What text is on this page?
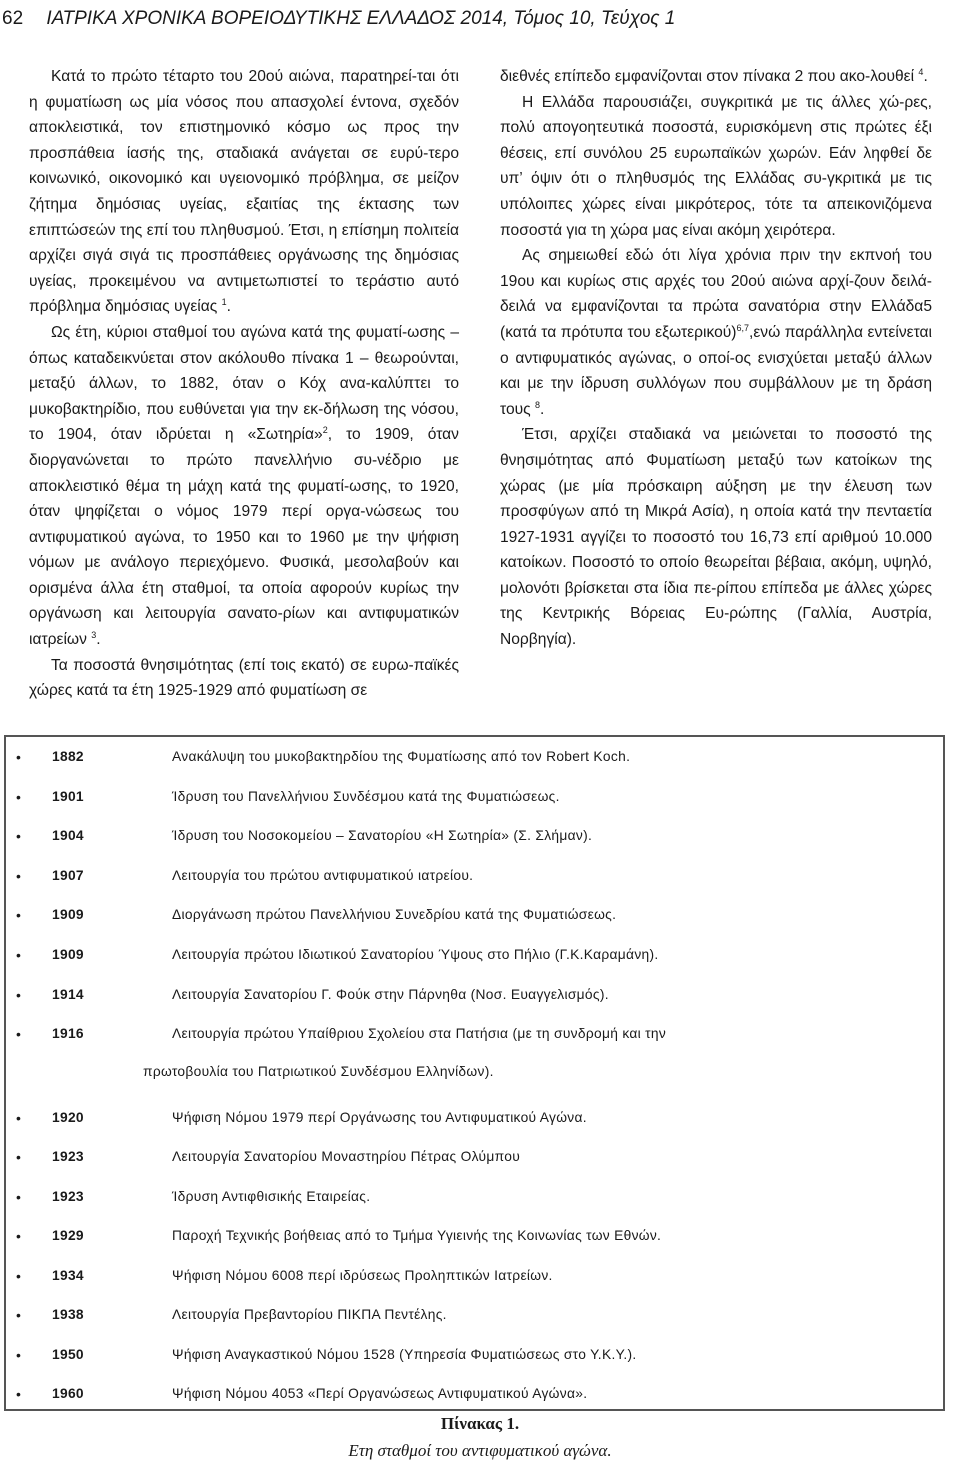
62 ΙΑΤΡΙΚΑ ΧΡΟΝΙΚΑ ΒΟΡΕΙΟΔΥΤΙΚΗΣ ΕΛΛΑΔΟΣ 2014, Τόμος 10, Τεύχος 1

Κατά το πρώτο τέταρτο του 20ού αιώνα, παρατηρεί-ται ότι η φυματίωση ως μία νόσος που απασχολεί έντονα, σχεδόν αποκλειστικά, τον επιστημονικό κόσμο ως προς την προσπάθεια ίασής της, σταδιακά ανάγεται σε ευρύ-τερο κοινωνικό, οικονομικό και υγειονομικό πρόβλημα, σε μείζον ζήτημα δημόσιας υγείας, εξαιτίας της έκτασης των επιπτώσεών της επί του πληθυσμού. Έτσι, η επίσημη πολιτεία αρχίζει σιγά σιγά τις προσπάθειες οργάνωσης της δημόσιας υγείας, προκειμένου να αντιμετωπιστεί το τεράστιο αυτό πρόβλημα δημόσιας υγείας $^1$.

Ως έτη, κύριοι σταθμοί του αγώνα κατά της φυματί-ωσης – όπως καταδεικνύεται στον ακόλουθο πίνακα 1 – θεωρούνται, μεταξύ άλλων, το 1882, όταν ο Κόχ ανα-καλύπτει το μυκοβακτηρίδιο, που ευθύνεται για την εκ-δήλωση της νόσου, το 1904, όταν ιδρύεται η «Σωτηρία»$^2$, το 1909, όταν διοργανώνεται το πρώτο πανελλήνιο συ-νέδριο με αποκλειστικό θέμα τη μάχη κατά της φυματί-ωσης, το 1920, όταν ψηφίζεται ο νόμος 1979 περί οργα-νώσεως του αντιφυματικού αγώνα, το 1950 και το 1960 με την ψήφιση νόμων με ανάλογο περιεχόμενο. Φυσικά, μεσολαβούν και ορισμένα άλλα έτη σταθμοί, τα οποία αφορούν κυρίως την οργάνωση και λειτουργία σανατο-ρίων και αντιφυματικών ιατρείων $^3$.

Τα ποσοστά θνησιμότητας (επί τοις εκατό) σε ευρω-παϊκές χώρες κατά τα έτη 1925-1929 από φυματίωση σε

διεθνές επίπεδο εμφανίζονται στον πίνακα 2 που ακο-λουθεί $^4$.

Η Ελλάδα παρουσιάζει, συγκριτικά με τις άλλες χώ-ρες, πολύ απογοητευτικά ποσοστά, ευρισκόμενη στις πρώτες έξι θέσεις, επί συνόλου 25 ευρωπαϊκών χωρών. Εάν ληφθεί δε υπ’ όψιν ότι ο πληθυσμός της Ελλάδας συ-γκριτικά με τις υπόλοιπες χώρες είναι μικρότερος, τότε τα απεικονιζόμενα ποσοστά για τη χώρα μας είναι ακόμη χειρότερα.

Ας σημειωθεί εδώ ότι λίγα χρόνια πριν την εκπνοή του 19ου και κυρίως στις αρχές του 20ού αιώνα αρχί-ζουν δειλά-δειλά να εμφανίζονται τα πρώτα σανατόρια στην Ελλάδα5 (κατά τα πρότυπα του εξωτερικού)$^{6,7}$,ενώ παράλληλα εντείνεται ο αντιφυματικός αγώνας, ο οποί-ος ενισχύεται μεταξύ άλλων και με την ίδρυση συλλόγων που συμβάλλουν με τη δράση τους $^8$.

Έτσι, αρχίζει σταδιακά να μειώνεται το ποσοστό της θνησιμότητας από Φυματίωση μεταξύ των κατοίκων της χώρας (με μία πρόσκαιρη αύξηση με την έλευση των προσφύγων από τη Μικρά Ασία), η οποία κατά την πενταετία 1927-1931 αγγίζει το ποσοστό του 16,73 επί αριθμού 10.000 κατοίκων. Ποσοστό το οποίο θεωρείται βέβαια, ακόμη, υψηλό, μολονότι βρίσκεται στα ίδια πε-ρίπου επίπεδα με άλλες χώρες της Κεντρικής Βόρειας Ευ-ρώπης (Γαλλία, Αυστρία, Νορβηγία).

• 1882	Ανακάλυψη του μυκοβακτηρδίου της Φυματίωσης από τον Robert Koch.
• 1901	Ίδρυση του Πανελλήνιου Συνδέσμου κατά της Φυματιώσεως.
• 1904	Ίδρυση του Νοσοκομείου – Σανατορίου «Η Σωτηρία» (Σ. Σλήμαν).
• 1907	Λειτουργία του πρώτου αντιφυματικού ιατρείου.
• 1909	Διοργάνωση πρώτου Πανελλήνιου Συνεδρίου κατά της Φυματιώσεως.
• 1909	Λειτουργία πρώτου Ιδιωτικού Σανατορίου Ύψους στο Πήλιο (Γ.Κ.Καραμάνη).
• 1914	Λειτουργία Σανατορίου Γ. Φούκ στην Πάρνηθα (Νοσ. Ευαγγελισμός).
• 1916	Λειτουργία πρώτου Υπαίθριου Σχολείου στα Πατήσια (με τη συνδρομή και την
πρωτοβουλία του Πατριωτικού Συνδέσμου Ελληνίδων).
• 1920	Ψήφιση Νόμου 1979 περί Οργάνωσης του Αντιφυματικού Αγώνα.
• 1923	Λειτουργία Σανατορίου Μοναστηρίου Πέτρας Ολύμπου
• 1923	Ίδρυση Αντιφθισικής Εταιρείας.
• 1929	Παροχή Τεχνικής βοήθειας από το Τμήμα Υγιεινής της Κοινωνίας των Εθνών.
• 1934	Ψήφιση Νόμου 6008 περί ιδρύσεως Προληπτικών Ιατρείων.
• 1938	Λειτουργία Πρεβαντορίου ΠΙΚΠΑ Πεντέλης.
• 1950	Ψήφιση Αναγκαστικού Νόμου 1528 (Υπηρεσία Φυματιώσεως στο Υ.Κ.Υ.).
• 1960	Ψήφιση Νόμου 4053 «Περί Οργανώσεως Αντιφυματικού Αγώνα».
Πίνακας 1.
Ετη σταθμοί του αντιφυματικού αγώνα.
